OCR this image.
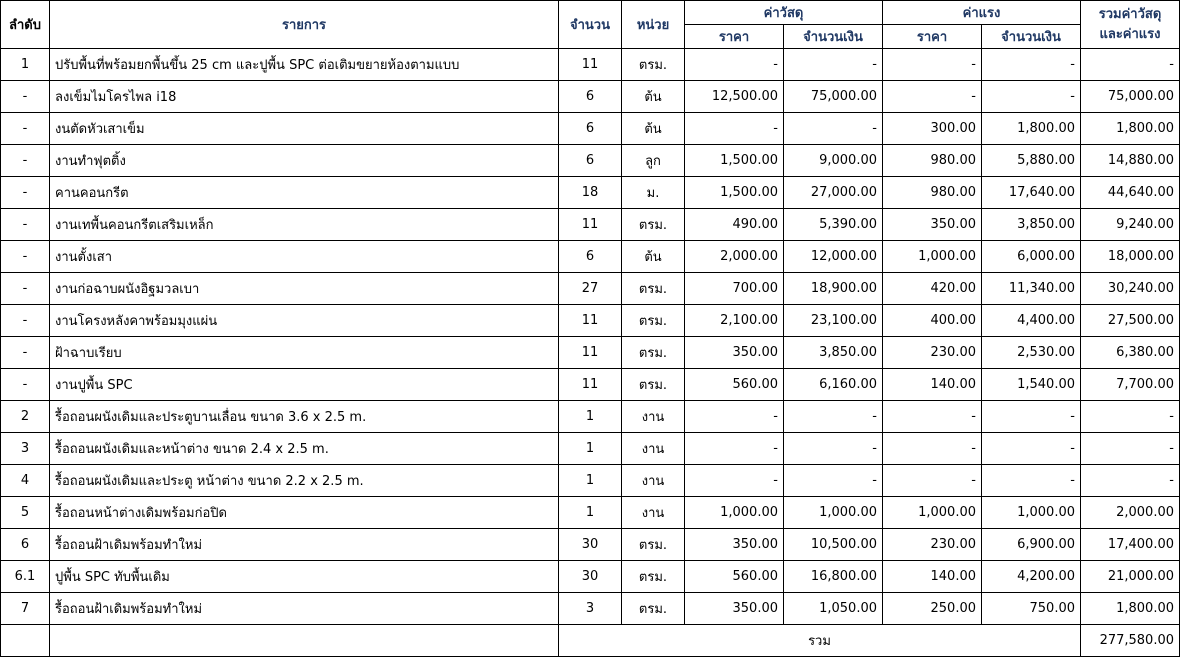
ลำดับ	รายการ	จำนวน	หน่วย	ค่าวัสดุ		ค่าแรง		รวมค่าวัสดุ
และค่าแรง

				ราคา	จำนวนเงิน	ราคา	จำนวนเงิน	
1	ปรับพื้นที่พร้อมยกพื้นขึ้น 25 cm และปูพื้น SPC ต่อเติมขยายห้องตามแบบ	11	ตรม.	-	-	-	-	-
-	ลงเข็มไมโครไพล i18	6	ต้น	12,500.00	75,000.00	-	-	75,000.00
-	งนตัดหัวเสาเข็ม	6	ต้น	-	-	300.00	1,800.00	1,800.00
-	งานทำฟุตติ้ง	6	ลูก	1,500.00	9,000.00	980.00	5,880.00	14,880.00
-	คานคอนกรีต	18	ม.	1,500.00	27,000.00	980.00	17,640.00	44,640.00
-	งานเทพื้นคอนกรีตเสริมเหล็ก	11	ตรม.	490.00	5,390.00	350.00	3,850.00	9,240.00
-	งานตั้งเสา	6	ต้น	2,000.00	12,000.00	1,000.00	6,000.00	18,000.00
-	งานก่อฉาบผนังอิฐมวลเบา	27	ตรม.	700.00	18,900.00	420.00	11,340.00	30,240.00
-	งานโครงหลังคาพร้อมมุงแผ่น	11	ตรม.	2,100.00	23,100.00	400.00	4,400.00	27,500.00
-	ฝ้าฉาบเรียบ	11	ตรม.	350.00	3,850.00	230.00	2,530.00	6,380.00
-	งานปูพื้น SPC	11	ตรม.	560.00	6,160.00	140.00	1,540.00	7,700.00
2	รื้อถอนผนังเดิมและประตูบานเลื่อน ขนาด 3.6 x 2.5 m.	1	งาน	-	-	-	-	-
3	รื้อถอนผนังเดิมและหน้าต่าง ขนาด 2.4 x 2.5 m.	1	งาน	-	-	-	-	-
4	รื้อถอนผนังเดิมและประตู หน้าต่าง ขนาด 2.2 x 2.5 m.	1	งาน	-	-	-	-	-
5	รื้อถอนหน้าต่างเดิมพร้อมก่อปิด	1	งาน	1,000.00	1,000.00	1,000.00	1,000.00	2,000.00
6	รื้อถอนฝ้าเดิมพร้อมทำใหม่	30	ตรม.	350.00	10,500.00	230.00	6,900.00	17,400.00
6.1	ปูพื้น SPC ทับพื้นเดิม	30	ตรม.	560.00	16,800.00	140.00	4,200.00	21,000.00
7	รื้อถอนฝ้าเดิมพร้อมทำใหม่	3	ตรม.	350.00	1,050.00	250.00	750.00	1,800.00
		รวม						277,580.00
